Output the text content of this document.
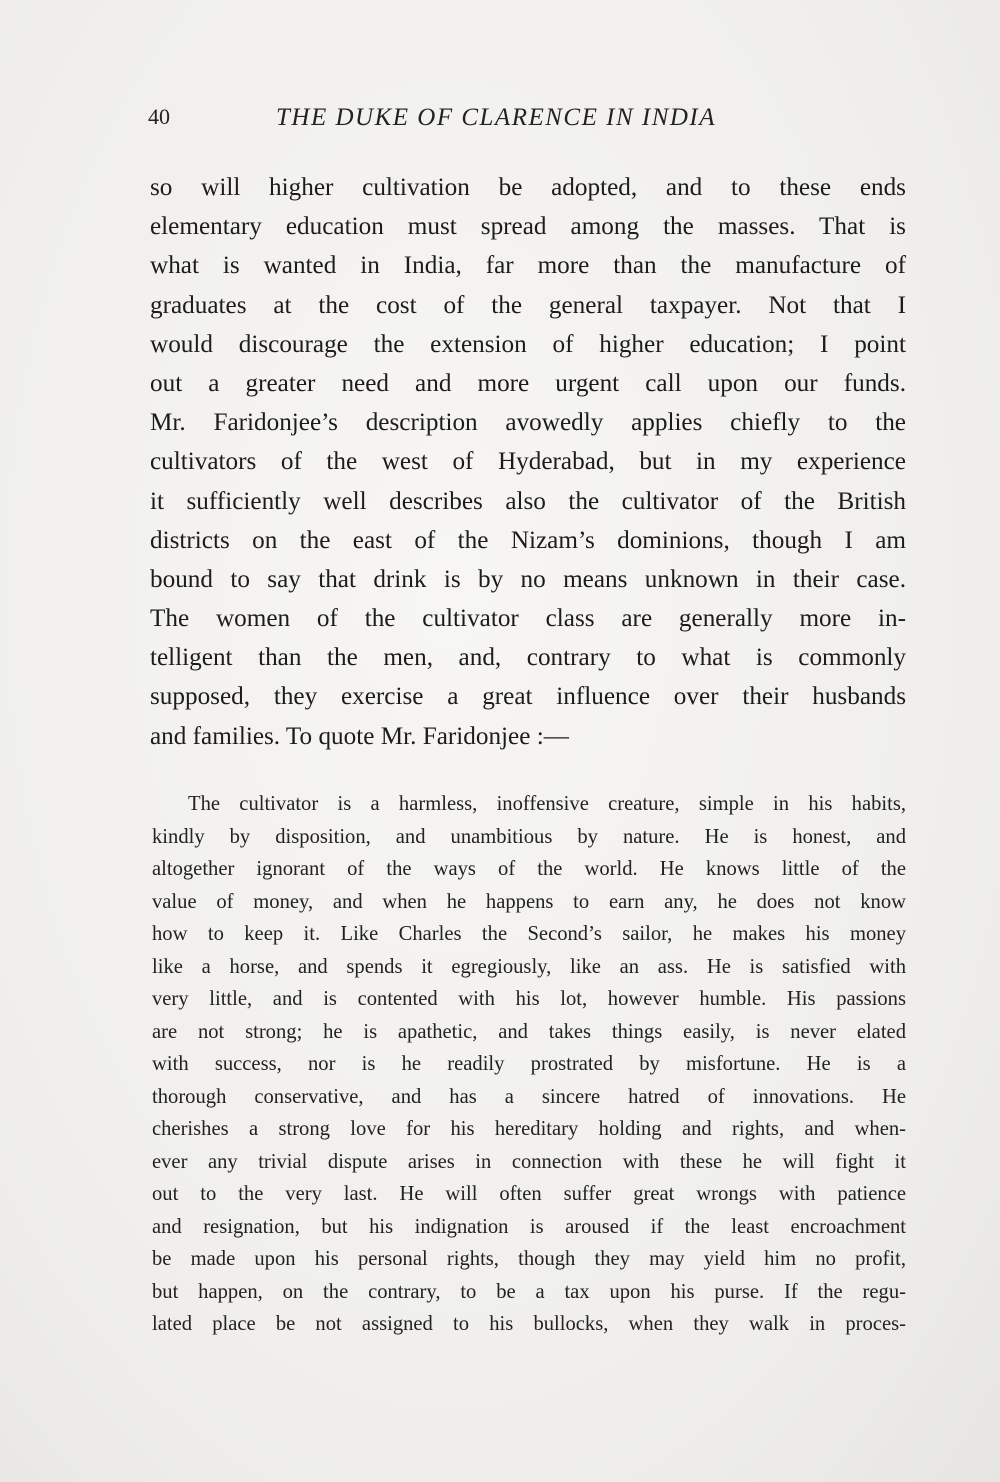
40	THE DUKE OF CLARENCE IN INDIA
so will higher cultivation be adopted, and to these ends
elementary education must spread among the masses. That is
what is wanted in India, far more than the manufacture of
graduates at the cost of the general taxpayer. Not that I
would discourage the extension of higher education; I point
out a greater need and more urgent call upon our funds.
Mr. Faridonjee’s description avowedly applies chiefly to the
cultivators of the west of Hyderabad, but in my experience
it sufficiently well describes also the cultivator of the British
districts on the east of the Nizam’s dominions, though I am
bound to say that drink is by no means unknown in their case.
The women of the cultivator class are generally more in-
telligent than the men, and, contrary to what is commonly
supposed, they exercise a great influence over their husbands
and families. To quote Mr. Faridonjee :—
The cultivator is a harmless, inoffensive creature, simple in his habits,
kindly by disposition, and unambitious by nature. He is honest, and
altogether ignorant of the ways of the world. He knows little of the
value of money, and when he happens to earn any, he does not know
how to keep it. Like Charles the Second’s sailor, he makes his money
like a horse, and spends it egregiously, like an ass. He is satisfied with
very little, and is contented with his lot, however humble. His passions
are not strong; he is apathetic, and takes things easily, is never elated
with success, nor is he readily prostrated by misfortune. He is a
thorough conservative, and has a sincere hatred of innovations. He
cherishes a strong love for his hereditary holding and rights, and when-
ever any trivial dispute arises in connection with these he will fight it
out to the very last. He will often suffer great wrongs with patience
and resignation, but his indignation is aroused if the least encroachment
be made upon his personal rights, though they may yield him no profit,
but happen, on the contrary, to be a tax upon his purse. If the regu-
lated place be not assigned to his bullocks, when they walk in proces-
